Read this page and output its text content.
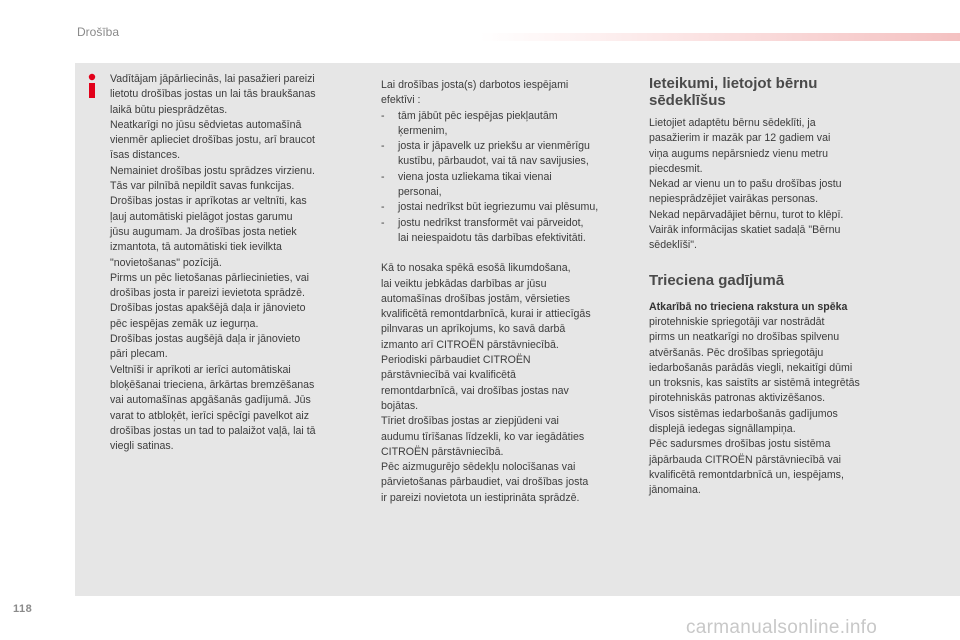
Drošība
Vadītājam jāpārliecinās, lai pasažieri pareizi
lietotu drošības jostas un lai tās braukšanas
laikā būtu piesprādzētas.
Neatkarīgi no jūsu sēdvietas automašīnā
vienmēr aplieciet drošības jostu, arī braucot
īsas distances.
Nemainiet drošības jostu sprādzes virzienu.
Tās var pilnībā nepildīt savas funkcijas.
Drošības jostas ir aprīkotas ar veltnīti, kas
ļauj automātiski pielāgot jostas garumu
jūsu augumam. Ja drošības josta netiek
izmantota, tā automātiski tiek ievilkta
"novietošanas" pozīcijā.
Pirms un pēc lietošanas pārliecinieties, vai
drošības josta ir pareizi ievietota sprādzē.
Drošības jostas apakšējā daļa ir jānovieto
pēc iespējas zemāk uz iegurņa.
Drošības jostas augšējā daļa ir jānovieto
pāri plecam.
Veltnīši ir aprīkoti ar ierīci automātiskai
bloķēšanai trieciena, ārkārtas bremzēšanas
vai automašīnas apgāšanās gadījumā. Jūs
varat to atbloķēt, ierīci spēcīgi pavelkot aiz
drošības jostas un tad to palaižot vaļā, lai tā
viegli satinas.
Lai drošības josta(s) darbotos iespējami
efektīvi :
- tām jābūt pēc iespējas piekļautām
ķermenim,
- josta ir jāpavelk uz priekšu ar vienmērīgu
kustību, pārbaudot, vai tā nav savijusies,
- viena josta uzliekama tikai vienai
personai,
- jostai nedrīkst būt iegriezumu vai plēsumu,
- jostu nedrīkst transformēt vai pārveidot,
lai neiespaidotu tās darbības efektivitāti.
Kā to nosaka spēkā esošā likumdošana,
lai veiktu jebkādas darbības ar jūsu
automašīnas drošības jostām, vērsieties
kvalificētā remontdarbnīcā, kurai ir attiecīgās
pilnvaras un aprīkojums, ko savā darbā
izmanto arī CITROËN pārstāvniecībā.
Periodiski pārbaudiet CITROËN
pārstāvniecībā vai kvalificētā
remontdarbnīcā, vai drošības jostas nav
bojātas.
Tīriet drošības jostas ar ziepjūdeni vai
audumu tīrīšanas līdzekli, ko var iegādāties
CITROËN pārstāvniecībā.
Pēc aizmugurējo sēdekļu nolocīšanas vai
pārvietošanas pārbaudiet, vai drošības josta
ir pareizi novietota un iestiprināta sprādzē.
Ieteikumi, lietojot bērnu
sēdeklīšus
Lietojiet adaptētu bērnu sēdeklīti, ja
pasažierim ir mazāk par 12 gadiem vai
viņa augums nepārsniedz vienu metru
piecdesmit.
Nekad ar vienu un to pašu drošības jostu
nepiesprādzējiet vairākas personas.
Nekad nepārvadājiet bērnu, turot to klēpī.
Vairāk informācijas skatiet sadaļā "Bērnu
sēdeklīši".
Trieciena gadījumā
Atkarībā no trieciena rakstura un spēka
pirotehniskie spriegotāji var nostrādāt
pirms un neatkarīgi no drošības spilvenu
atvēršanās. Pēc drošības spriegotāju
iedarbošanās parādās viegli, nekaitīgi dūmi
un troksnis, kas saistīts ar sistēmā integrētās
pirotehniskās patronas aktivizēšanos.
Visos sistēmas iedarbošanās gadījumos
displejā iedegas signāllampiņa.
Pēc sadursmes drošības jostu sistēma
jāpārbauda CITROËN pārstāvniecībā vai
kvalificētā remontdarbnīcā un, iespējams,
jānomaina.
118
carmanualsonline.info
